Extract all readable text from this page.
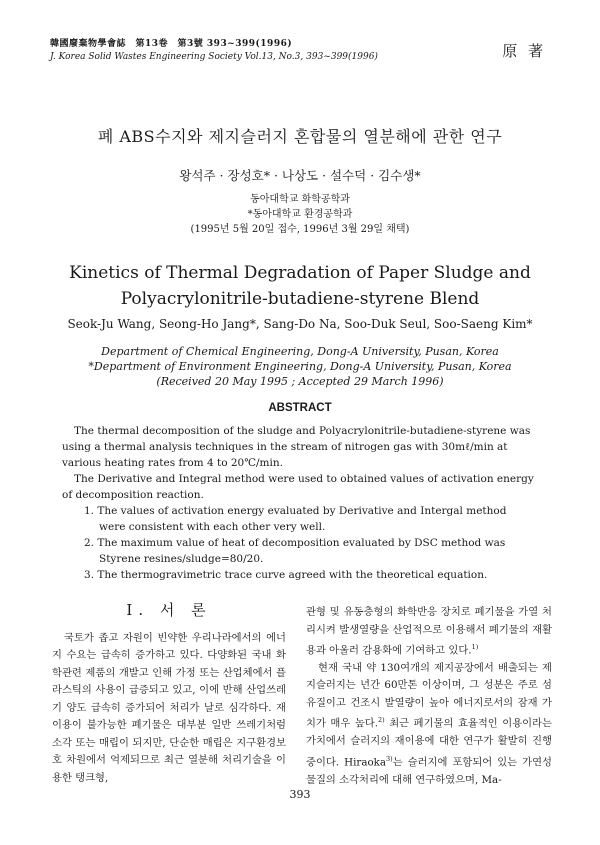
韓國廢棄物學會誌　第13卷　第3號 393~399(1996)
J. Korea Solid Wastes Engineering Society Vol.13, No.3, 393~399(1996)	原 著
폐 ABS수지와 제지슬러지 혼합물의 열분해에 관한 연구
왕석주 · 장성호* · 나상도 · 설수덕 · 김수생*
동아대학교 화학공학과
*동아대학교 환경공학과
(1995년 5월 20일 접수, 1996년 3월 29일 채택)
Kinetics of Thermal Degradation of Paper Sludge and
Polyacrylonitrile-butadiene-styrene Blend
Seok-Ju Wang, Seong-Ho Jang*, Sang-Do Na, Soo-Duk Seul, Soo-Saeng Kim*
Department of Chemical Engineering, Dong-A University, Pusan, Korea
*Department of Environment Engineering, Dong-A University, Pusan, Korea
(Received 20 May 1995 ; Accepted 29 March 1996)
ABSTRACT

The thermal decomposition of the sludge and Polyacrylonitrile-butadiene-styrene was using a thermal analysis techniques in the stream of nitrogen gas with 30mℓ/min at various heating rates from 4 to 20℃/min.

The Derivative and Integral method were used to obtained values of activation energy of decomposition reaction.

1. The values of activation energy evaluated by Derivative and Intergal method
were consistent with each other very well.
2. The maximum value of heat of decomposition evaluated by DSC method was
Styrene resines/sludge=80/20.
3. The thermogravimetric trace curve agreed with the theoretical equation.
I. 서 론

국토가 좁고 자원이 빈약한 우리나라에서의 에너지 수요는 급속히 증가하고 있다. 다양화된 국내 화학관련 제품의 개발고 인해 가정 또는 산업체에서 플라스틱의 사용이 급증되고 있고, 이에 반해 산업쓰레기 양도 급속히 증가되어 처리가 날로 심각하다. 재이용이 불가능한 폐기물은 대부분 일반 쓰레기처럼 소각 또는 매립이 되지만, 단순한 매립은 지구환경보호 차원에서 억제되므로 최근 열분해 처리기술을 이용한 탱크형,

관형 및 유동층형의 화학반응 장치로 폐기물을 가열 처리시켜 발생열량을 산업적으로 이용해서 폐기물의 재활용과 아울러 감용화에 기여하고 있다.$^{1)}$

현재 국내 약 130여개의 제지공장에서 배출되는 제지슬러지는 년간 60만톤 이상이며, 그 성분은 주로 섬유질이고 건조시 발열량이 높아 에너지로서의 잠재 가치가 매우 높다.$^{2)}$ 최근 폐기물의 효율적인 이용이라는 가치에서 슬러지의 재이용에 대한 연구가 활발히 진행중이다. Hiraoka$^{3)}$는 슬러지에 포함되어 있는 가연성 물질의 소각처리에 대해 연구하였으며, Ma-

393
